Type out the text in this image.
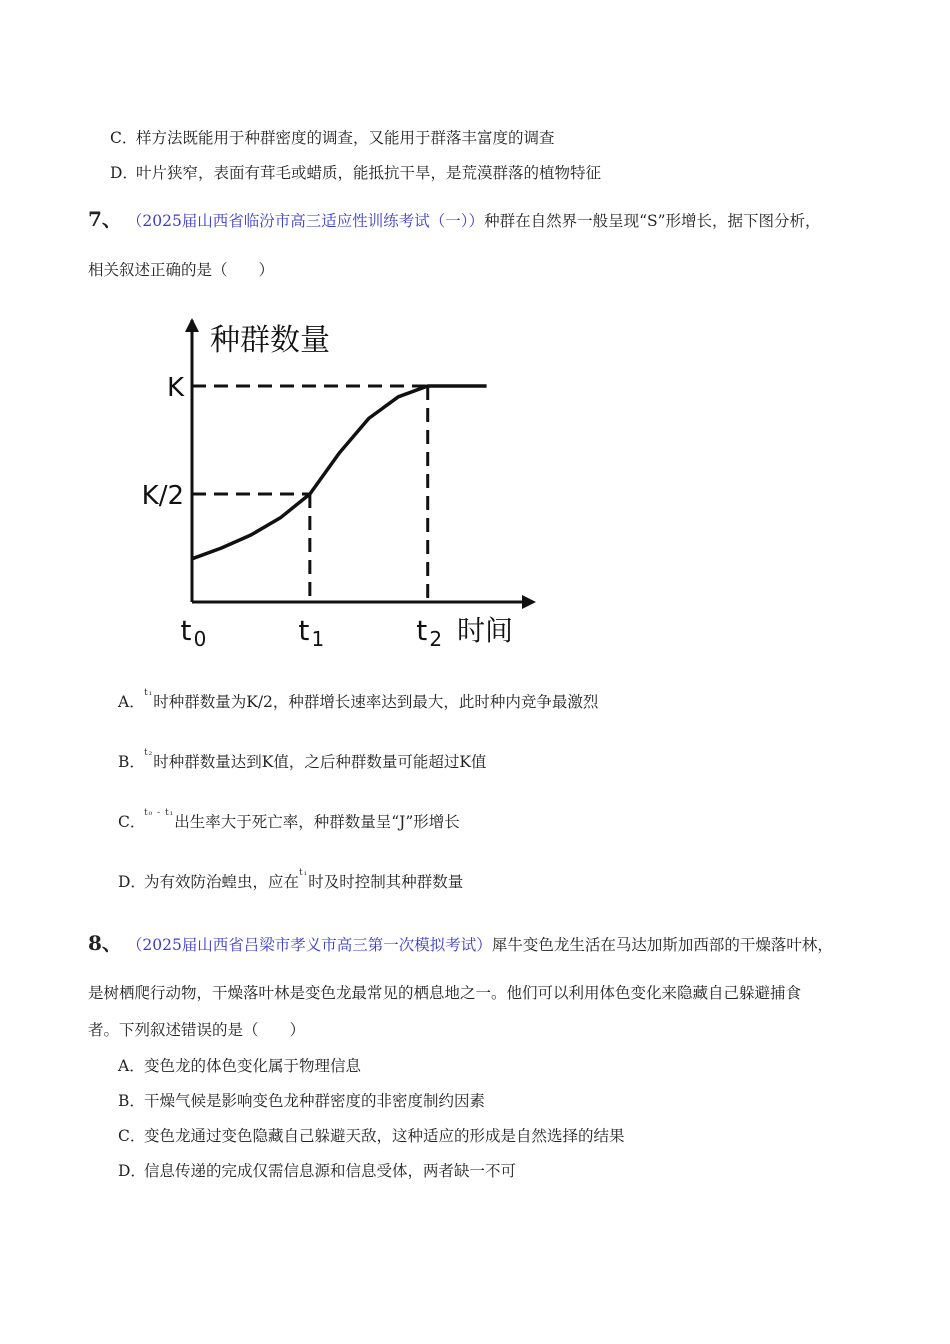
C．样方法既能用于种群密度的调查，又能用于群落丰富度的调查
D．叶片狭窄，表面有茸毛或蜡质，能抵抗干旱，是荒漠群落的植物特征
7、 （2025届山西省临汾市高三适应性训练考试（一））种群在自然界一般呈现“S”形增长，据下图分析，
相关叙述正确的是（　　）
种群数量
时间
K
K/2
t 0	t 1	t 2
A．$^{t_1}$时种群数量为K/2，种群增长速率达到最大，此时种内竞争最激烈
B．$^{t_2}$时种群数量达到K值，之后种群数量可能超过K值
C．$^{t_0 - t_1}$出生率大于死亡率，种群数量呈“J”形增长
D．为有效防治蝗虫，应在$^{t_1}$时及时控制其种群数量
8、 （2025届山西省吕梁市孝义市高三第一次模拟考试）犀牛变色龙生活在马达加斯加西部的干燥落叶林，
是树栖爬行动物，干燥落叶林是变色龙最常见的栖息地之一。他们可以利用体色变化来隐藏自己躲避捕食
者。下列叙述错误的是（　　）
A．变色龙的体色变化属于物理信息
B．干燥气候是影响变色龙种群密度的非密度制约因素
C．变色龙通过变色隐藏自己躲避天敌，这种适应的形成是自然选择的结果
D．信息传递的完成仅需信息源和信息受体，两者缺一不可
